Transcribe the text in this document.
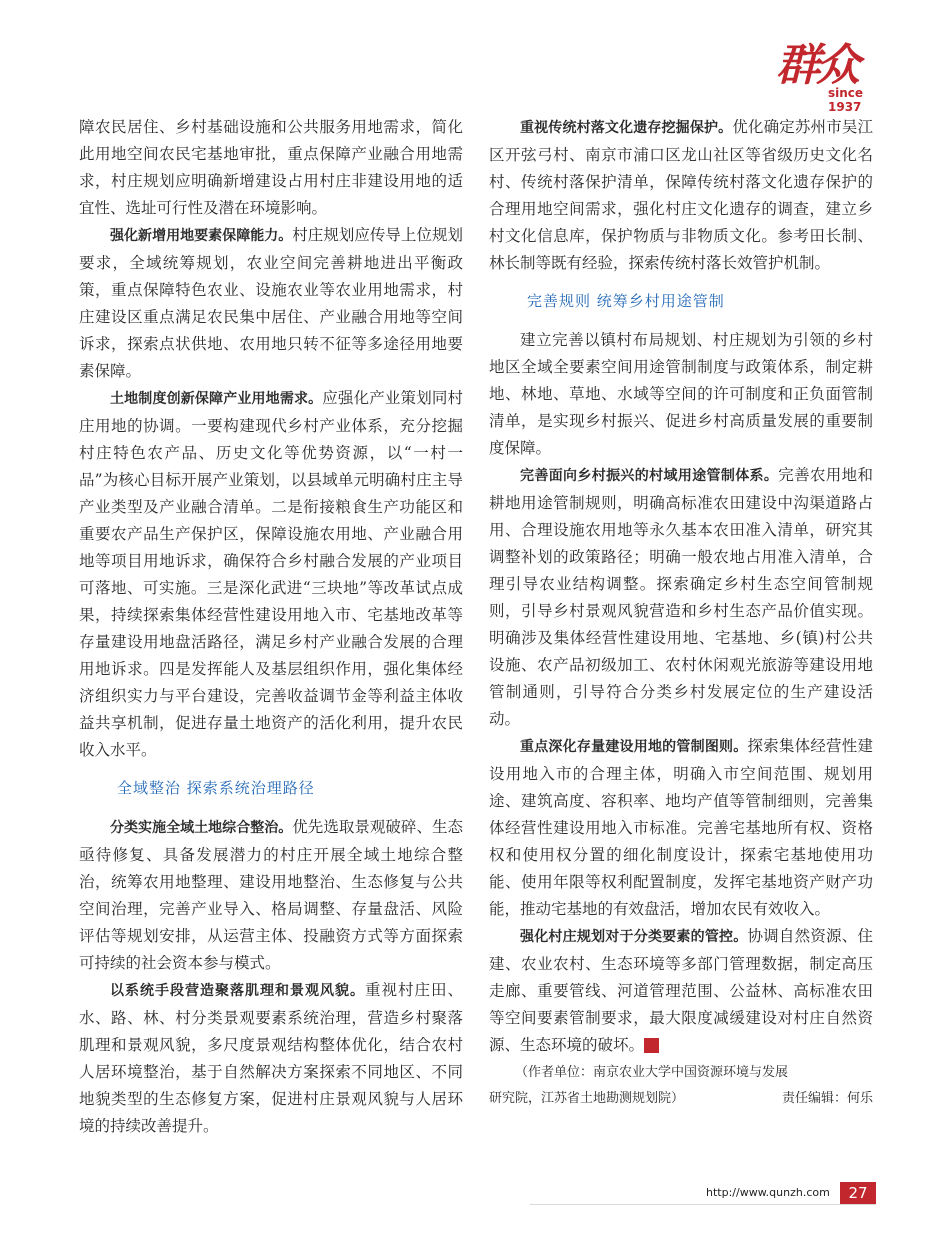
群众
since 1937

障农民居住、乡村基础设施和公共服务用地需求，简化此用地空间农民宅基地审批，重点保障产业融合用地需求，村庄规划应明确新增建设占用村庄非建设用地的适宜性、选址可行性及潜在环境影响。

强化新增用地要素保障能力。村庄规划应传导上位规划要求，全域统筹规划，农业空间完善耕地进出平衡政策，重点保障特色农业、设施农业等农业用地需求，村庄建设区重点满足农民集中居住、产业融合用地等空间诉求，探索点状供地、农用地只转不征等多途径用地要素保障。

土地制度创新保障产业用地需求。应强化产业策划同村庄用地的协调。一要构建现代乡村产业体系，充分挖掘村庄特色农产品、历史文化等优势资源，以“一村一品”为核心目标开展产业策划，以县域单元明确村庄主导产业类型及产业融合清单。二是衔接粮食生产功能区和重要农产品生产保护区，保障设施农用地、产业融合用地等项目用地诉求，确保符合乡村融合发展的产业项目可落地、可实施。三是深化武进“三块地”等改革试点成果，持续探索集体经营性建设用地入市、宅基地改革等存量建设用地盘活路径，满足乡村产业融合发展的合理用地诉求。四是发挥能人及基层组织作用，强化集体经济组织实力与平台建设，完善收益调节金等利益主体收益共享机制，促进存量土地资产的活化利用，提升农民收入水平。

全域整治 探索系统治理路径

分类实施全域土地综合整治。优先选取景观破碎、生态亟待修复、具备发展潜力的村庄开展全域土地综合整治，统筹农用地整理、建设用地整治、生态修复与公共空间治理，完善产业导入、格局调整、存量盘活、风险评估等规划安排，从运营主体、投融资方式等方面探索可持续的社会资本参与模式。

以系统手段营造聚落肌理和景观风貌。重视村庄田、水、路、林、村分类景观要素系统治理，营造乡村聚落肌理和景观风貌，多尺度景观结构整体优化，结合农村人居环境整治，基于自然解决方案探索不同地区、不同地貌类型的生态修复方案，促进村庄景观风貌与人居环境的持续改善提升。

重视传统村落文化遗存挖掘保护。优化确定苏州市吴江区开弦弓村、南京市浦口区龙山社区等省级历史文化名村、传统村落保护清单，保障传统村落文化遗存保护的合理用地空间需求，强化村庄文化遗存的调查，建立乡村文化信息库，保护物质与非物质文化。参考田长制、林长制等既有经验，探索传统村落长效管护机制。

完善规则 统筹乡村用途管制

建立完善以镇村布局规划、村庄规划为引领的乡村地区全域全要素空间用途管制制度与政策体系，制定耕地、林地、草地、水域等空间的许可制度和正负面管制清单，是实现乡村振兴、促进乡村高质量发展的重要制度保障。

完善面向乡村振兴的村域用途管制体系。完善农用地和耕地用途管制规则，明确高标准农田建设中沟渠道路占用、合理设施农用地等永久基本农田准入清单，研究其调整补划的政策路径；明确一般农地占用准入清单，合理引导农业结构调整。探索确定乡村生态空间管制规则，引导乡村景观风貌营造和乡村生态产品价值实现。明确涉及集体经营性建设用地、宅基地、乡(镇)村公共设施、农产品初级加工、农村休闲观光旅游等建设用地管制通则，引导符合分类乡村发展定位的生产建设活动。

重点深化存量建设用地的管制图则。探索集体经营性建设用地入市的合理主体，明确入市空间范围、规划用途、建筑高度、容积率、地均产值等管制细则，完善集体经营性建设用地入市标准。完善宅基地所有权、资格权和使用权分置的细化制度设计，探索宅基地使用功能、使用年限等权利配置制度，发挥宅基地资产财产功能，推动宅基地的有效盘活，增加农民有效收入。

强化村庄规划对于分类要素的管控。协调自然资源、住建、农业农村、生态环境等多部门管理数据，制定高压走廊、重要管线、河道管理范围、公益林、高标准农田等空间要素管制要求，最大限度减缓建设对村庄自然资源、生态环境的破坏。	第

（作者单位：南京农业大学中国资源环境与发展

研究院，江苏省土地勘测规划院）	责任编辑：何乐
http://www.qunzh.com	27
